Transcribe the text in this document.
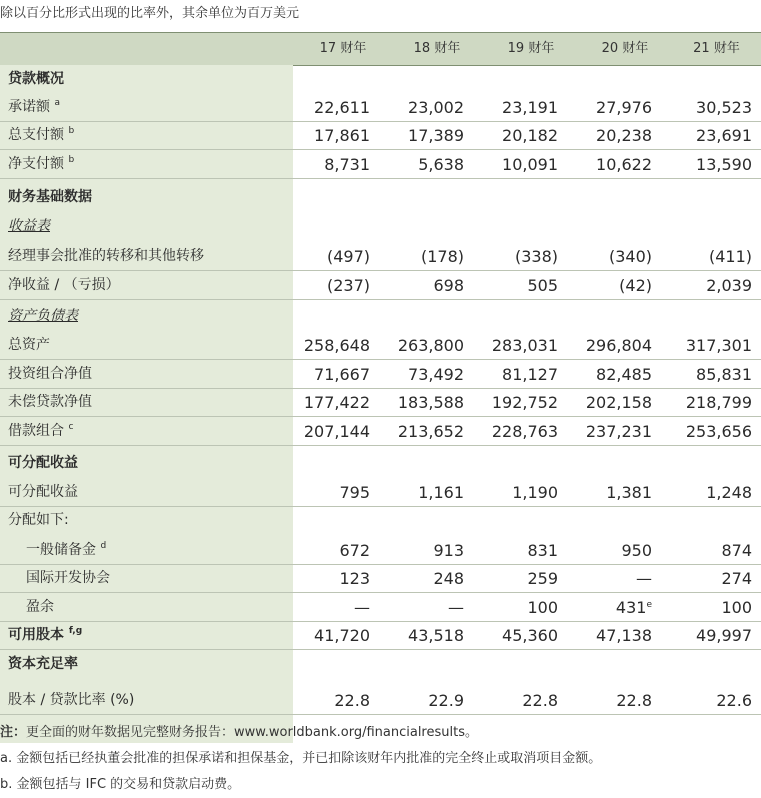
除以百分比形式出现的比率外，其余单位为百万美元
17 财年	18 财年	19 财年	20 财年	21 财年
贷款概况
承诺额 $^a$	22,611	23,002	23,191	27,976	30,523
总支付额 $^b$	17,861	17,389	20,182	20,238	23,691
净支付额 $^b$	8,731	5,638	10,091	10,622	13,590
财务基础数据
收益表
经理事会批准的转移和其他转移	(497)	(178)	(338)	(340)	(411)
净收益 / （亏损）	(237)	698	505	(42)	2,039
资产负债表
总资产	258,648	263,800	283,031	296,804	317,301
投资组合净值	71,667	73,492	81,127	82,485	85,831
未偿贷款净值	177,422	183,588	192,752	202,158	218,799
借款组合 $^c$	207,144	213,652	228,763	237,231	253,656
可分配收益
可分配收益	795	1,161	1,190	1,381	1,248
分配如下:
一般储备金 $^d$	672	913	831	950	874
国际开发协会	123	248	259	—	274
盈余	—	—	100	431e	100
可用股本 $^{f,g}$	41,720	43,518	45,360	47,138	49,997
资本充足率
股本 / 贷款比率 (%)	22.8	22.9	22.8	22.8	22.6
注：更全面的财年数据见完整财务报告：www.worldbank.org/financialresults。
a. 金额包括已经执董会批准的担保承诺和担保基金，并已扣除该财年内批准的完全终止或取消项目金额。
b. 金额包括与 IFC 的交易和贷款启动费。
